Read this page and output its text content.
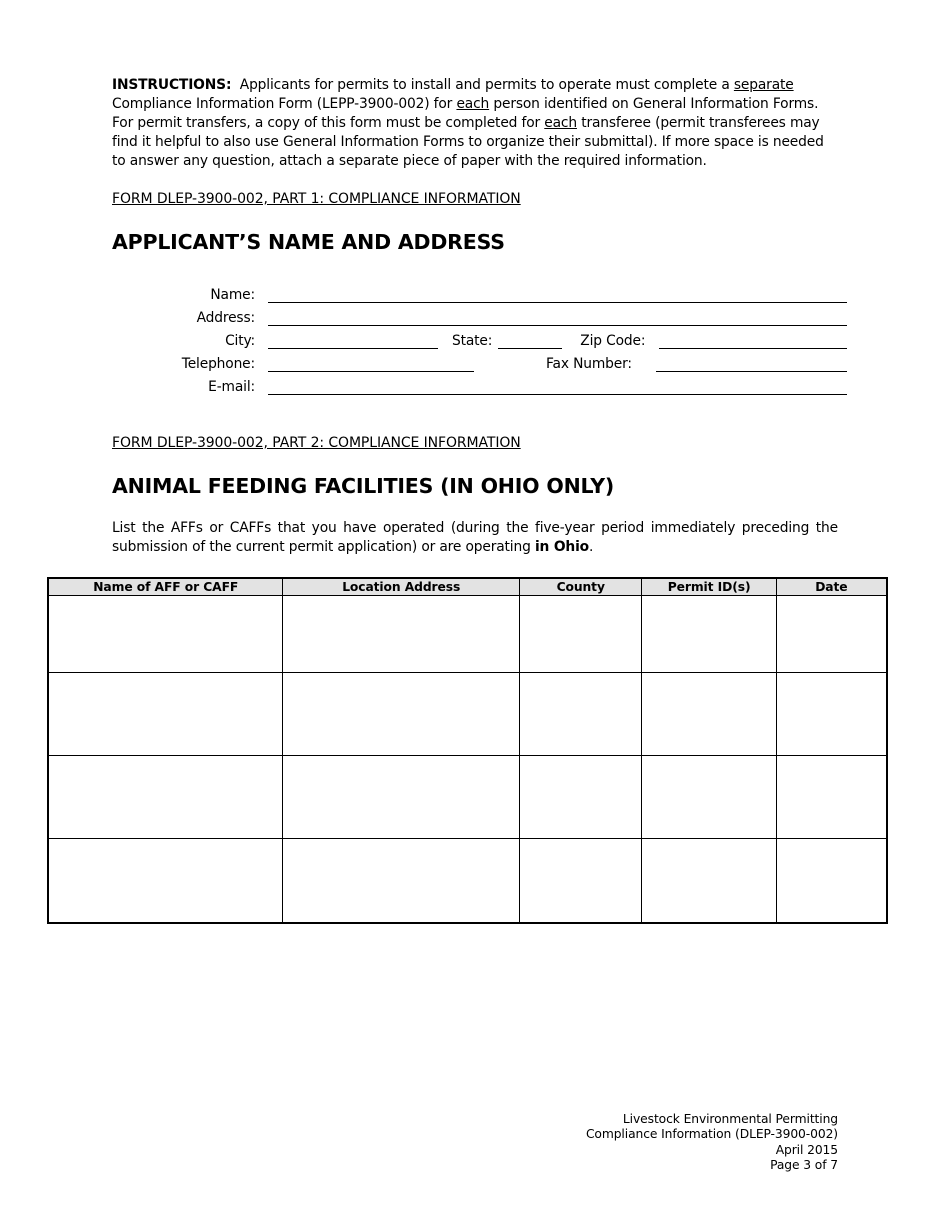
INSTRUCTIONS:  Applicants for permits to install and permits to operate must complete a separate Compliance Information Form (LEPP-3900-002) for each person identified on General Information Forms. For permit transfers, a copy of this form must be completed for each transferee (permit transferees may find it helpful to also use General Information Forms to organize their submittal). If more space is needed to answer any question, attach a separate piece of paper with the required information.

FORM DLEP-3900-002, PART 1: COMPLIANCE INFORMATION
APPLICANT’S NAME AND ADDRESS
Name:
Address:
City:	State:	Zip Code:
Telephone:	Fax Number:
E-mail:
FORM DLEP-3900-002, PART 2: COMPLIANCE INFORMATION
ANIMAL FEEDING FACILITIES (IN OHIO ONLY)

List the AFFs or CAFFs that you have operated (during the five-year period immediately preceding the submission of the current permit application) or are operating in Ohio.

Name of AFF or CAFF	Location Address	County	Permit ID(s)	Date

Livestock Environmental Permitting
Compliance Information (DLEP-3900-002)
April 2015
Page 3 of 7
